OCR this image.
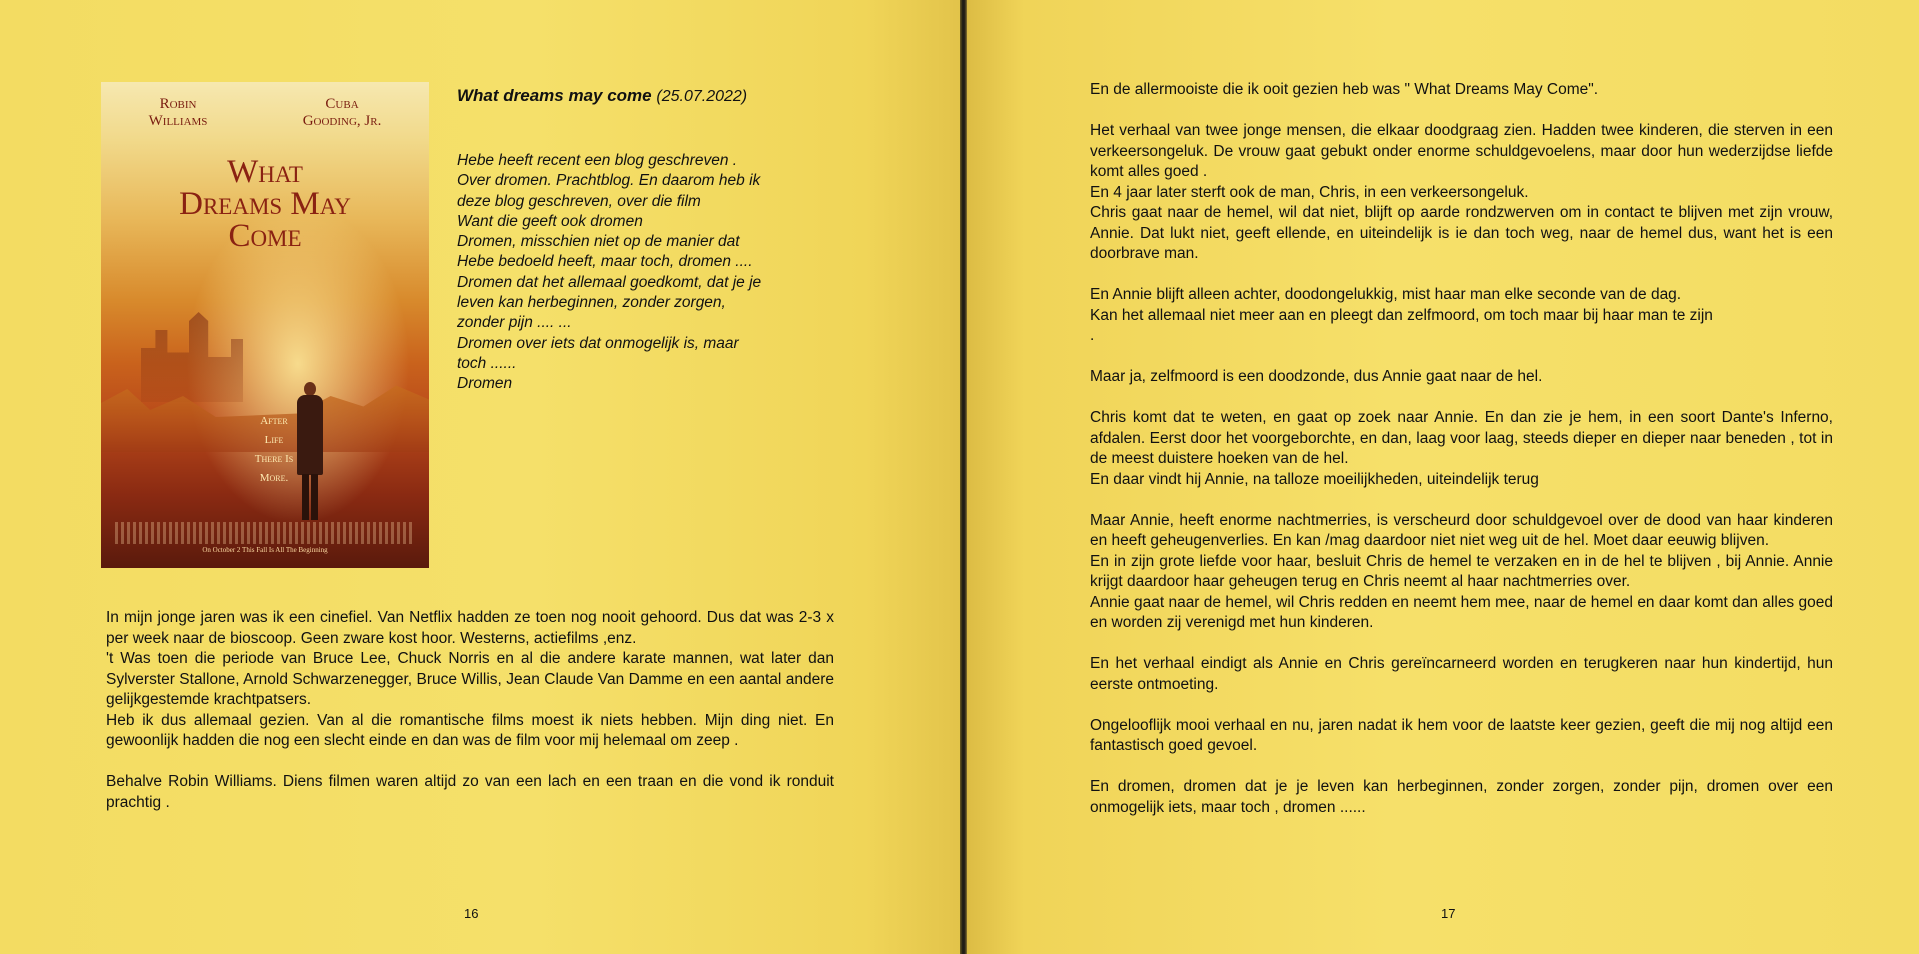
Robin
Williams
Cuba
Gooding, Jr.
What
Dreams May
Come
After
Life
There Is
More.
On October 2 This Fall Is All The Beginning
What dreams may come (25.07.2022)
Hebe heeft recent een blog geschreven .
Over dromen. Prachtblog. En daarom heb ik
deze blog geschreven, over die film
Want die geeft ook dromen
Dromen, misschien niet op de manier dat
Hebe bedoeld heeft, maar toch, dromen ....
Dromen dat het allemaal goedkomt, dat je je
leven kan herbeginnen, zonder zorgen,
zonder pijn .... ...
Dromen over iets dat onmogelijk is, maar
toch ......
Dromen

In mijn jonge jaren was ik een cinefiel. Van Netflix hadden ze toen nog nooit gehoord. Dus dat was 2-3 x per week naar de bioscoop. Geen zware kost hoor. Westerns, actiefilms ,enz.

't Was toen die periode van Bruce Lee, Chuck Norris en al die andere karate mannen, wat later dan Sylverster Stallone, Arnold Schwarzenegger, Bruce Willis, Jean Claude Van Damme en een aantal andere gelijkgestemde krachtpatsers.

Heb ik dus allemaal gezien. Van al die romantische films moest ik niets hebben. Mijn ding niet. En gewoonlijk hadden die nog een slecht einde en dan was de film voor mij helemaal om zeep .

Behalve Robin Williams. Diens filmen waren altijd zo van een lach en een traan en die vond ik ronduit prachtig .

16

En de allermooiste die ik ooit gezien heb was " What Dreams May Come".

Het verhaal van twee jonge mensen, die elkaar doodgraag zien. Hadden twee kinderen, die sterven in een verkeersongeluk. De vrouw gaat gebukt onder enorme schuldgevoelens, maar door hun wederzijdse liefde komt alles goed .
En 4 jaar later sterft ook de man, Chris, in een verkeersongeluk.
Chris gaat naar de hemel, wil dat niet, blijft op aarde rondzwerven om in contact te blijven met zijn vrouw, Annie. Dat lukt niet, geeft ellende, en uiteindelijk is ie dan toch weg, naar de hemel dus, want het is een doorbrave man.

En Annie blijft alleen achter, doodongelukkig, mist haar man elke seconde van de dag.
Kan het allemaal niet meer aan en pleegt dan zelfmoord, om toch maar bij haar man te zijn
.

Maar ja, zelfmoord is een doodzonde, dus Annie gaat naar de hel.

Chris komt dat te weten, en gaat op zoek naar Annie. En dan zie je hem, in een soort Dante's Inferno, afdalen. Eerst door het voorgeborchte, en dan, laag voor laag, steeds dieper en dieper naar beneden , tot in de meest duistere hoeken van de hel.
En daar vindt hij Annie, na talloze moeilijkheden, uiteindelijk terug

Maar Annie, heeft enorme nachtmerries, is verscheurd door schuldgevoel over de dood van haar kinderen en heeft geheugenverlies. En kan /mag daardoor niet niet weg uit de hel. Moet daar eeuwig blijven.
En in zijn grote liefde voor haar, besluit Chris de hemel te verzaken en in de hel te blijven , bij Annie. Annie krijgt daardoor haar geheugen terug en Chris neemt al haar nachtmerries over.
Annie gaat naar de hemel, wil Chris redden en neemt hem mee, naar de hemel en daar komt dan alles goed en worden zij verenigd met hun kinderen.

En het verhaal eindigt als Annie en Chris gereïncarneerd worden en terugkeren naar hun kindertijd, hun eerste ontmoeting.

Ongelooflijk mooi verhaal en nu, jaren nadat ik hem voor de laatste keer gezien, geeft die mij nog altijd een fantastisch goed gevoel.

En dromen, dromen dat je je leven kan herbeginnen, zonder zorgen, zonder pijn, dromen over een onmogelijk iets, maar toch , dromen ......

17
